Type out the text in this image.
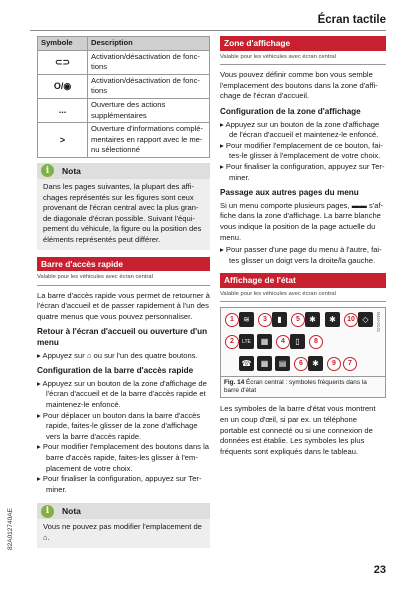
Écran tactile
Symbole	Description
⊂⊃	Activation/désactivation de fonctions
O/◉	Activation/désactivation de fonctions
...	Ouverture des actions supplémentaires
>	Ouverture d'informations complémentaires en rapport avec le menu sélectionné
i	Nota
Dans les pages suivantes, la plupart des affichages représentés sur les figures sont ceux provenant de l'écran central avec la plus grande diagonale d'écran possible. Suivant l'équipement du véhicule, la figure ou la position des éléments représentés peut différer.
Barre d'accès rapide
Valable pour les véhicules avec écran central

La barre d'accès rapide vous permet de retourner à l'écran d'accueil et de passer rapidement à l'un des quatre menus que vous pouvez personnaliser.

Retour à l'écran d'accueil ou ouverture d'un menu

▸ Appuyez sur ⌂ ou sur l'un des quatre boutons.

Configuration de la barre d'accès rapide

▸ Appuyez sur un bouton de la zone d'affichage de l'écran d'accueil et de la barre d'accès rapide et maintenez-le enfoncé.

▸ Pour déplacer un bouton dans la barre d'accès rapide, faites-le glisser de la zone d'affichage vers la barre d'accès rapide.

▸ Pour modifier l'emplacement des boutons dans la barre d'accès rapide, faites-les glisser à l'emplacement de votre choix.

▸ Pour finaliser la configuration, appuyez sur Terminer.

i	Nota
Vous ne pouvez pas modifier l'emplacement de ⌂.
Zone d'affichage
Valable pour les véhicules avec écran central

Vous pouvez définir comme bon vous semble l'emplacement des boutons dans la zone d'affichage de l'écran d'accueil.

Configuration de la zone d'affichage

▸ Appuyez sur un bouton de la zone d'affichage de l'écran d'accueil et maintenez-le enfoncé.

▸ Pour modifier l'emplacement de ce bouton, faites-le glisser à l'emplacement de votre choix.

▸ Pour finaliser la configuration, appuyez sur Terminer.

Passage aux autres pages du menu

Si un menu comporte plusieurs pages, ▬▬ s'affiche dans la zone d'affichage. La barre blanche vous indique la position de la page actuelle du menu.

▸ Pour passer d'une page du menu à l'autre, faites glisser un doigt vers la droite/la gauche.

Affichage de l'état
Valable pour les véhicules avec écran central
1	≋	3	▮	5	✱	✱	10 ◇	B4N-0141
2	LTE	▦	4	▯	8
☎	▦	▤	6	✱	9	7
Fig. 14 Écran central : symboles fréquents dans la barre d'état

Les symboles de la barre d'état vous montrent en un coup d'œil, si par ex. un téléphone portable est connecté ou si une connexion de données est établie. Les symboles les plus fréquents sont expliqués dans le tableau.

82A012740AE
23
